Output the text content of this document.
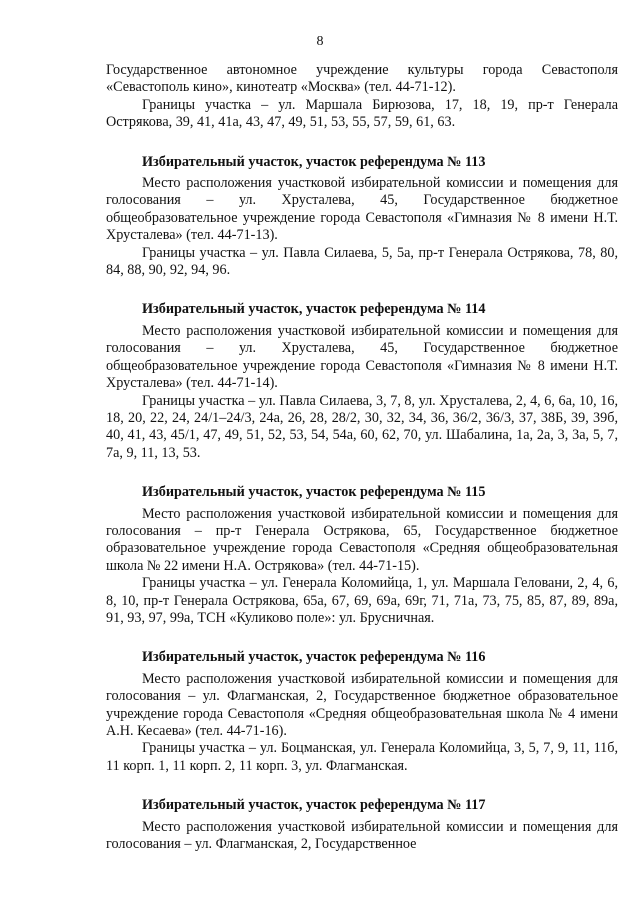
8

Государственное автономное учреждение культуры города Севастополя «Севастополь кино», кинотеатр «Москва» (тел. 44-71-12).

Границы участка – ул. Маршала Бирюзова, 17, 18, 19, пр-т Генерала Острякова, 39, 41, 41а, 43, 47, 49, 51, 53, 55, 57, 59, 61, 63.

Избирательный участок, участок референдума № 113

Место расположения участковой избирательной комиссии и помещения для голосования – ул. Хрусталева, 45, Государственное бюджетное общеобразовательное учреждение города Севастополя «Гимназия № 8 имени Н.Т. Хрусталева» (тел. 44-71-13).

Границы участка – ул. Павла Силаева, 5, 5а, пр-т Генерала Острякова, 78, 80, 84, 88, 90, 92, 94, 96.

Избирательный участок, участок референдума № 114

Место расположения участковой избирательной комиссии и помещения для голосования – ул. Хрусталева, 45, Государственное бюджетное общеобразовательное учреждение города Севастополя «Гимназия № 8 имени Н.Т. Хрусталева» (тел. 44-71-14).

Границы участка – ул. Павла Силаева, 3, 7, 8, ул. Хрусталева, 2, 4, 6, 6а, 10, 16, 18, 20, 22, 24, 24/1–24/3, 24а, 26, 28, 28/2, 30, 32, 34, 36, 36/2, 36/3, 37, 38Б, 39, 39б, 40, 41, 43, 45/1, 47, 49, 51, 52, 53, 54, 54а, 60, 62, 70, ул. Шабалина, 1а, 2а, 3, 3а, 5, 7, 7а, 9, 11, 13, 53.

Избирательный участок, участок референдума № 115

Место расположения участковой избирательной комиссии и помещения для голосования – пр-т Генерала Острякова, 65, Государственное бюджетное образовательное учреждение города Севастополя «Средняя общеобразовательная школа № 22 имени Н.А. Острякова» (тел. 44-71-15).

Границы участка – ул. Генерала Коломийца, 1, ул. Маршала Геловани, 2, 4, 6, 8, 10, пр-т Генерала Острякова, 65а, 67, 69, 69а, 69г, 71, 71а, 73, 75, 85, 87, 89, 89а, 91, 93, 97, 99а, ТСН «Куликово поле»: ул. Брусничная.

Избирательный участок, участок референдума № 116

Место расположения участковой избирательной комиссии и помещения для голосования – ул. Флагманская, 2, Государственное бюджетное образовательное учреждение города Севастополя «Средняя общеобразовательная школа № 4 имени А.Н. Кесаева» (тел. 44-71-16).

Границы участка – ул. Боцманская, ул. Генерала Коломийца, 3, 5, 7, 9, 11, 11б, 11 корп. 1, 11 корп. 2, 11 корп. 3, ул. Флагманская.

Избирательный участок, участок референдума № 117

Место расположения участковой избирательной комиссии и помещения для голосования – ул. Флагманская, 2, Государственное
